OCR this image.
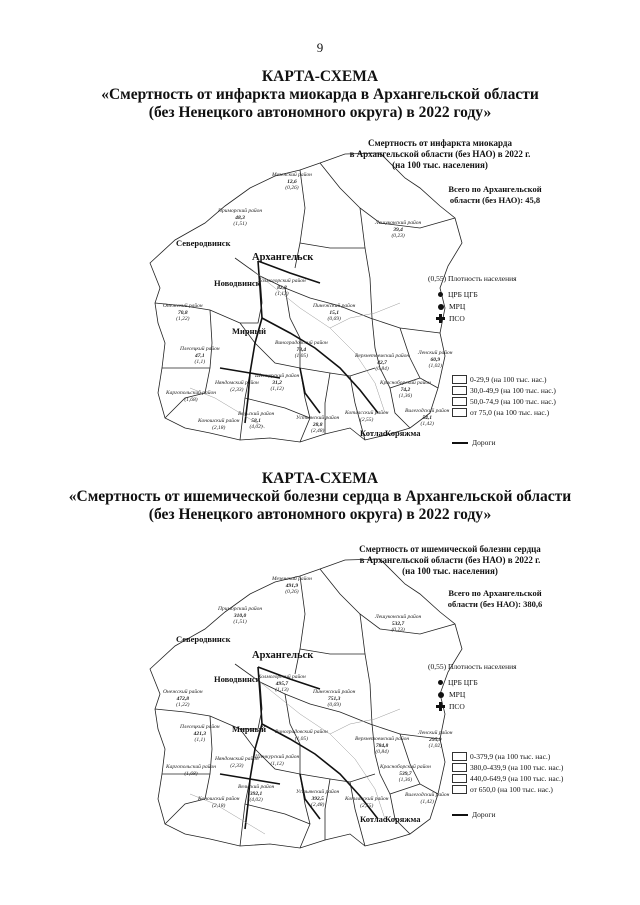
9
КАРТА-СХЕМА
«Смертность от инфаркта миокарда в Архангельской области
(без Ненецкого автономного округа) в 2022 году»
Смертность от инфаркта миокарда
в Архангельской области (без НАО) в 2022 г.
(на 100 тыс. населения)
Всего по Архангельской
области (без НАО): 45,8
(0,55) Плотность населения
ЦРБ ЦГБ
МРЦ
ПСО
0-29,9 (на 100 тыс. нас.)
30,0-49,9 (на 100 тыс. нас.)
50,0-74,9 (на 100 тыс. нас.)
от 75,0 (на 100 тыс. нас.)
Дороги
Архангельск
Северодвинск
Новодвинск
Мирный
Котлас
Коряжма
Мезенский район
12,6
(0,26)
Приморский район
48,3
(1,51)	Лешуконский район
39,4
(0,23)
Онежский район
70,8
(1,22)
Холмогорский район
82,8
(1,13)
Пинежский район
15,1
(0,69)
Плесецкий район
47,1
(1,1)
Виноградовский район
78,4
(1,05)	Верхнетоемский район
42,7
(0,84)
Ленский район
60,9
(1,02)
Шенкурский район
31,2
(1,12)
Каргопольский район
(1,68)
Няндомский район
(2,33)
Вельский район
58,1
(4,02)
Устьянский район
28,8
(2,48)
Красноборский район
74,2
(1,36)
Котласский район
(2,55)
Вилегодский район
54,1
(1,42)
Коношский район
(2,18)
КАРТА-СХЕМА
«Смертность от ишемической болезни сердца в Архангельской области
(без Ненецкого автономного округа) в 2022 году»
Смертность от ишемической болезни сердца
в Архангельской области (без НАО) в 2022 г.
(на 100 тыс. населения)
Всего по Архангельской
области (без НАО): 380,6
(0,55) Плотность населения
ЦРБ ЦГБ
МРЦ
ПСО
0-379,9 (на 100 тыс. нас.)
380,0-439,9 (на 100 тыс. нас.)
440,0-649,9 (на 100 тыс. нас.)
от 650,0 (на 100 тыс. нас.)
Дороги
Архангельск
Северодвинск
Новодвинск
Мирный
Котлас
Коряжма
Мезенский район
491,9
(0,26)
Приморский район
310,0
(1,51)
Лешуконский район
532,7
(0,23)
Онежский район
472,8
(1,22)
Холмогорский район
495,7
(1,13)	Пинежский район
751,3
(0,69)
Плесецкий район
421,3
(1,1)
Виноградовский район
(1,05)	Верхнетоемский район
784,8
(0,84)
Ленский район
295,9
(1,02)
Шенкурский район
(1,12)
Каргопольский район
(1,68)
Няндомский район
(2,33)
Вельский район
392,1
(4,02)
Устьянский район
392,5
(2,48)
Красноборский район
539,7
(1,36)
Котласский район
(2,55)
Вилегодский район
(1,42)
Коношский район
(2,18)
